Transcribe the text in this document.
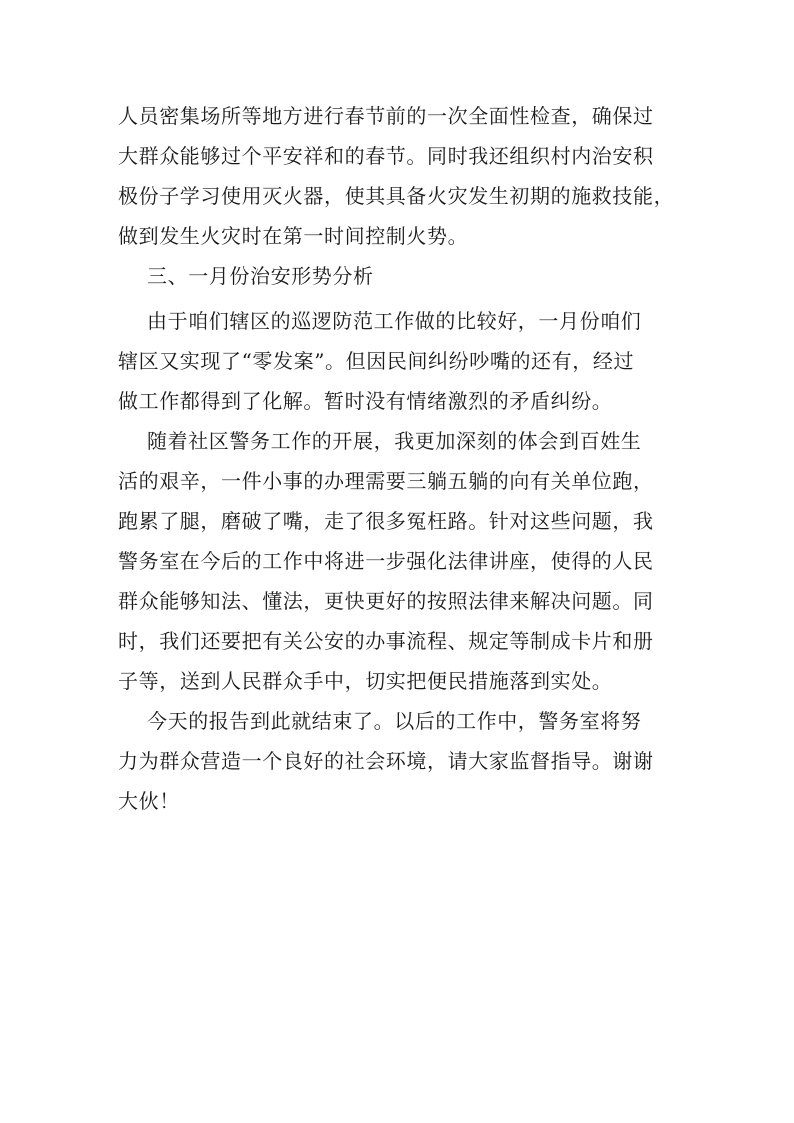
人员密集场所等地方进行春节前的一次全面性检查，确保过
大群众能够过个平安祥和的春节。同时我还组织村内治安积
极份子学习使用灭火器，使其具备火灾发生初期的施救技能，
做到发生火灾时在第一时间控制火势。
三、一月份治安形势分析
由于咱们辖区的巡逻防范工作做的比较好，一月份咱们
辖区又实现了“零发案”。但因民间纠纷吵嘴的还有，经过
做工作都得到了化解。暂时没有情绪激烈的矛盾纠纷。
随着社区警务工作的开展，我更加深刻的体会到百姓生
活的艰辛，一件小事的办理需要三躺五躺的向有关单位跑，
跑累了腿，磨破了嘴，走了很多冤枉路。针对这些问题，我
警务室在今后的工作中将进一步强化法律讲座，使得的人民
群众能够知法、懂法，更快更好的按照法律来解决问题。同
时，我们还要把有关公安的办事流程、规定等制成卡片和册
子等，送到人民群众手中，切实把便民措施落到实处。
今天的报告到此就结束了。以后的工作中，警务室将努
力为群众营造一个良好的社会环境，请大家监督指导。谢谢
大伙！
